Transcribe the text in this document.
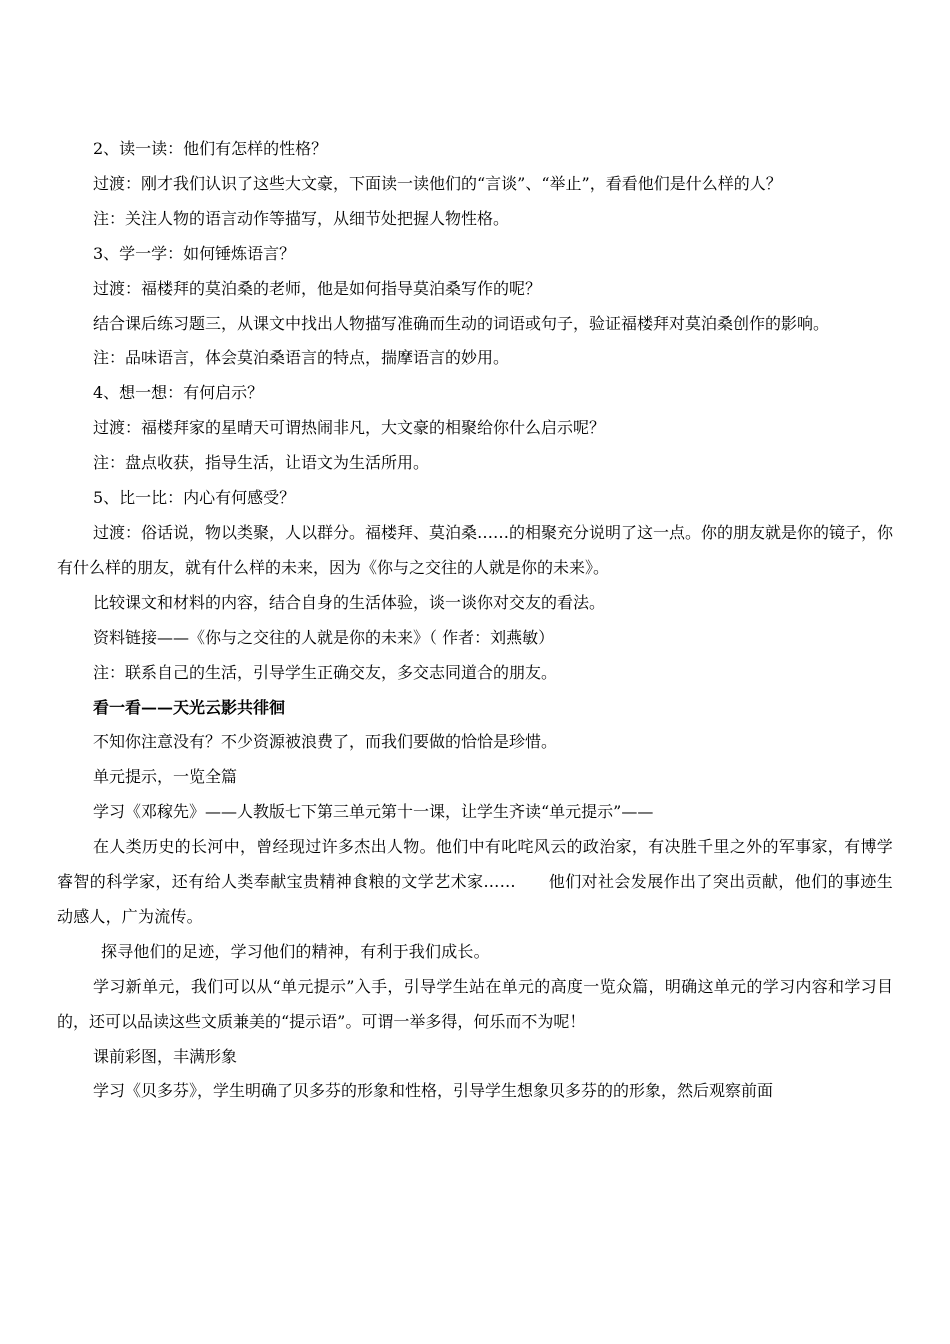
2、读一读：他们有怎样的性格？

过渡：刚才我们认识了这些大文豪，下面读一读他们的“言谈”、“举止”，看看他们是什么样的人？

注：关注人物的语言动作等描写，从细节处把握人物性格。

3、学一学：如何锤炼语言？

过渡：福楼拜的莫泊桑的老师，他是如何指导莫泊桑写作的呢？

结合课后练习题三，从课文中找出人物描写准确而生动的词语或句子，验证福楼拜对莫泊桑创作的影响。

注：品味语言，体会莫泊桑语言的特点，揣摩语言的妙用。

4、想一想：有何启示？

过渡：福楼拜家的星晴天可谓热闹非凡，大文豪的相聚给你什么启示呢？

注：盘点收获，指导生活，让语文为生活所用。

5、比一比：内心有何感受？

过渡：俗话说，物以类聚，人以群分。福楼拜、莫泊桑……的相聚充分说明了这一点。你的朋友就是你的镜子，你有什么样的朋友，就有什么样的未来，因为《你与之交往的人就是你的未来》。

比较课文和材料的内容，结合自身的生活体验，谈一谈你对交友的看法。

资料链接——《你与之交往的人就是你的未来》（ 作者：刘燕敏）

注：联系自己的生活，引导学生正确交友，多交志同道合的朋友。

看一看——天光云影共徘徊

不知你注意没有？不少资源被浪费了，而我们要做的恰恰是珍惜。

单元提示，一览全篇

学习《邓稼先》——人教版七下第三单元第十一课，让学生齐读“单元提示”——

在人类历史的长河中，曾经现过许多杰出人物。他们中有叱咤风云的政治家，有决胜千里之外的军事家，有博学睿智的科学家，还有给人类奉献宝贵精神食粮的文学艺术家……　　他们对社会发展作出了突出贡献，他们的事迹生动感人，广为流传。

探寻他们的足迹，学习他们的精神，有利于我们成长。

学习新单元，我们可以从“单元提示”入手，引导学生站在单元的高度一览众篇，明确这单元的学习内容和学习目的，还可以品读这些文质兼美的“提示语”。可谓一举多得，何乐而不为呢！

课前彩图，丰满形象

学习《贝多芬》，学生明确了贝多芬的形象和性格，引导学生想象贝多芬的的形象，然后观察前面
